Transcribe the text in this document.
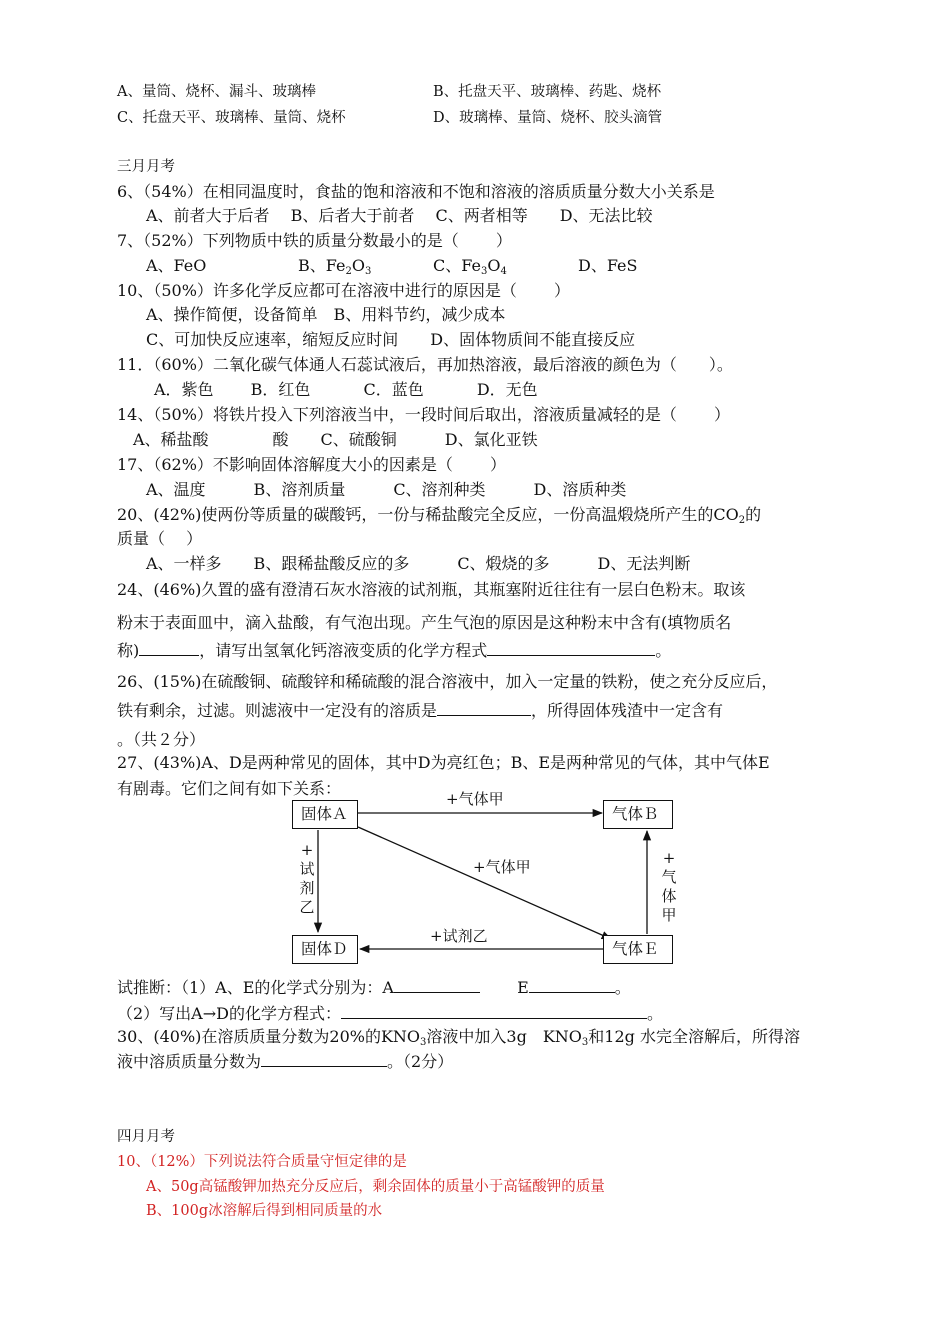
A、量筒、烧杯、漏斗、玻璃棒	B、托盘天平、玻璃棒、药匙、烧杯
C、托盘天平、玻璃棒、量筒、烧杯	D、玻璃棒、量筒、烧杯、胶头滴管
三月月考
6、（54%）在相同温度时，食盐的饱和溶液和不饱和溶液的溶质质量分数大小关系是
A、前者大于后者　 B、后者大于前者　 C、两者相等　　D、无法比较
7、（52%）下列物质中铁的质量分数最小的是（　　 ）
A、FeO	B、$Fe_2O_3$	C、$Fe_3O_4$	D、FeS
10、（50%）许多化学反应都可在溶液中进行的原因是（　　 ）
A、操作简便，设备简单　B、用料节约，减少成本
C、可加快反应速率，缩短反应时间　　D、固体物质间不能直接反应
11．（60%）二氧化碳气体通人石蕊试液后，再加热溶液，最后溶液的颜色为（　　）。
A．紫色　　 B．红色　　　 C．蓝色　　　 D．无色
14、（50%）将铁片投入下列溶液当中，一段时间后取出，溶液质量减轻的是（　　 ）
A、稀盐酸　　　　酸　　C、硫酸铜　　　D、氯化亚铁
17、（62%）不影响固体溶解度大小的因素是（　　 ）
A、温度　　　B、溶剂质量　　　C、溶剂种类　　　D、溶质种类
20、(42%)使两份等质量的碳酸钙，一份与稀盐酸完全反应，一份高温煅烧所产生的$CO_2$的
质量（　 ）
A、一样多　　B、跟稀盐酸反应的多　　　C、煅烧的多　　　D、无法判断
24、(46%)久置的盛有澄清石灰水溶液的试剂瓶，其瓶塞附近往往有一层白色粉末。取该
粉末于表面皿中，滴入盐酸，有气泡出现。产生气泡的原因是这种粉末中含有(填物质名
称)	，请写出氢氧化钙溶液变质的化学方程式	。
26、(15%)在硫酸铜、硫酸锌和稀硫酸的混合溶液中，加入一定量的铁粉，使之充分反应后，
铁有剩余，过滤。则滤液中一定没有的溶质是	，所得固体残渣中一定含有
。（共２分）
27、(43%)A、D是两种常见的固体，其中D为亮红色；B、E是两种常见的气体，其中气体E
有剧毒。它们之间有如下关系：
固体Ａ	气体Ｂ
固体Ｄ	气体Ｅ
+气体甲
+气体甲
+试剂乙
+
试
剂
乙
+
气
体
甲
试推断：（1）A、E的化学式分别为：A　　	E	。
（2）写出A→D的化学方程式：	。
30、(40%)在溶质质量分数为20%的$KNO_3$溶液中加入3g　$KNO_3$和12g 水完全溶解后，所得溶
液中溶质质量分数为	。（2分）
四月月考
10、（12%）下列说法符合质量守恒定律的是
A、50g高锰酸钾加热充分反应后，剩余固体的质量小于高锰酸钾的质量
B、100g冰溶解后得到相同质量的水
